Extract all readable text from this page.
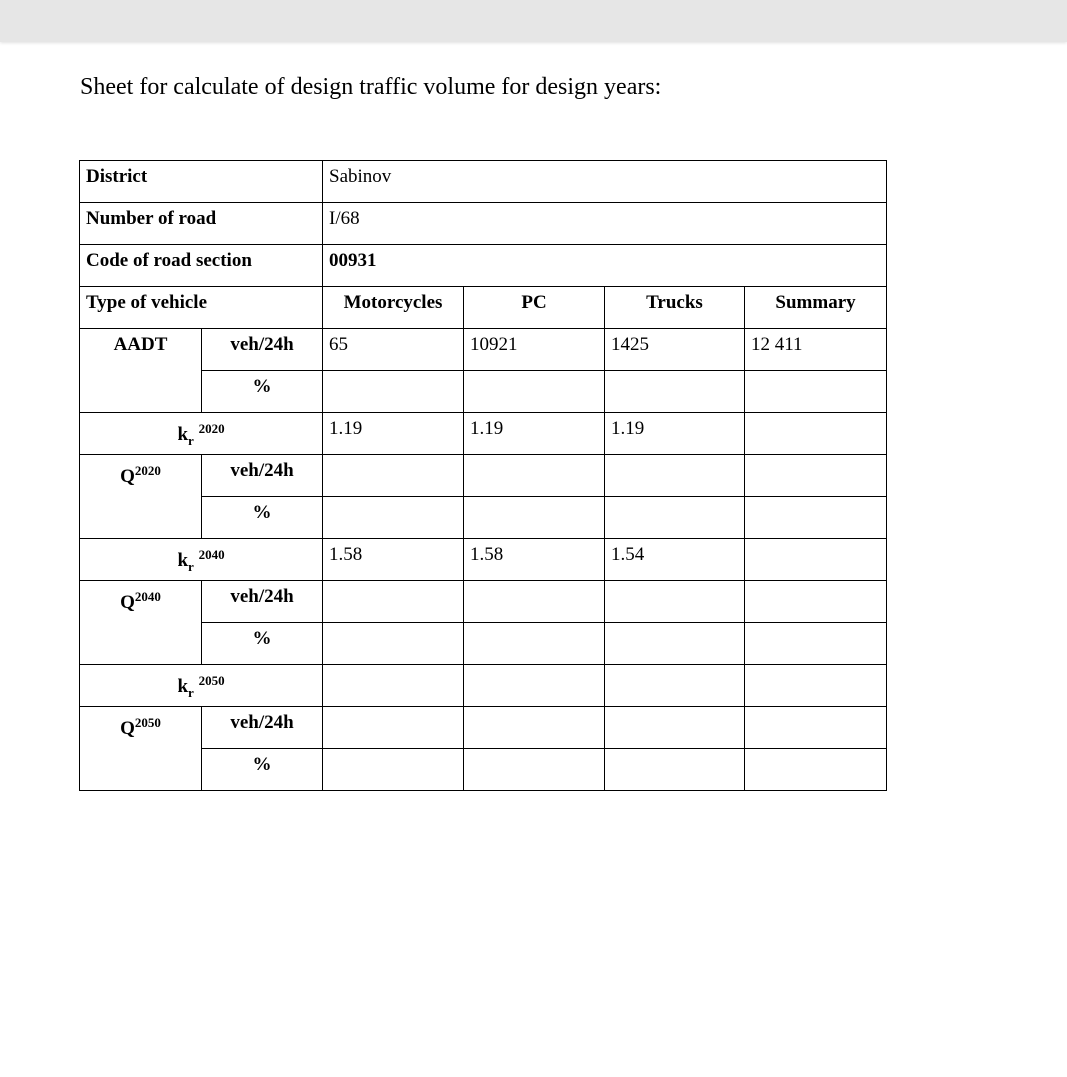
Sheet for calculate of design traffic volume for design years:
District		Sabinov			
Number of road		I/68			
Code of road section		00931			
Type of vehicle		Motorcycles	PC	Trucks	Summary
AADT	veh/24h	65	10921	1425	12 411
	%				
$k_r$ $^{2020}$		1.19	1.19	1.19	
$Q^{2020}$	veh/24h				
	%				
$k_r$ $^{2040}$		1.58	1.58	1.54	
$Q^{2040}$	veh/24h				
	%				
$k_r$ $^{2050}$				
$Q^{2050}$	veh/24h				
	%				
